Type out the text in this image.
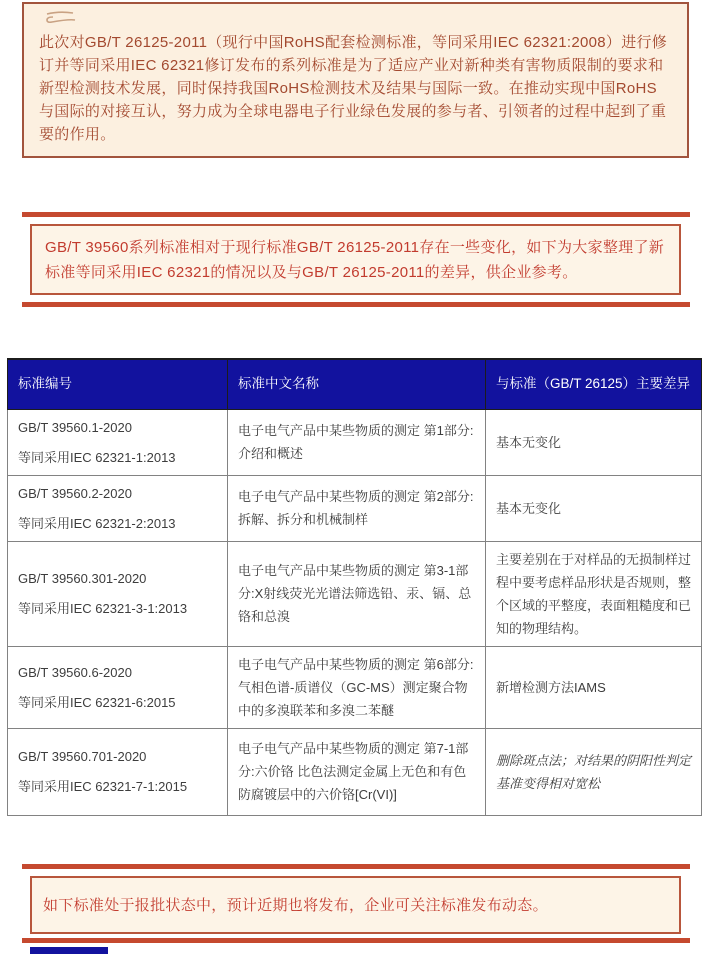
此次对GB/T 26125-2011（现行中国RoHS配套检测标准，等同采用IEC 62321:2008）进行修订并等同采用IEC 62321修订发布的系列标准是为了适应产业对新种类有害物质限制的要求和新型检测技术发展，同时保持我国RoHS检测技术及结果与国际一致。在推动实现中国RoHS与国际的对接互认，努力成为全球电器电子行业绿色发展的参与者、引领者的过程中起到了重要的作用。

GB/T 39560系列标准相对于现行标准GB/T 26125-2011存在一些变化，如下为大家整理了新标准等同采用IEC 62321的情况以及与GB/T 26125-2011的差异，供企业参考。

标准编号	标准中文名称	与标准（GB/T 26125）主要差异

GB/T 39560.1-2020
等同采用IEC 62321-1:2013	电子电气产品中某些物质的测定 第1部分:介绍和概述	基本无变化

GB/T 39560.2-2020
等同采用IEC 62321-2:2013	电子电气产品中某些物质的测定 第2部分:拆解、拆分和机械制样	基本无变化

GB/T 39560.301-2020
等同采用IEC 62321-3-1:2013	电子电气产品中某些物质的测定 第3-1部分:X射线荧光光谱法筛选铅、汞、镉、总铬和总溴	主要差别在于对样品的无损制样过程中要考虑样品形状是否规则，整个区域的平整度，表面粗糙度和已知的物理结构。

GB/T 39560.6-2020
等同采用IEC 62321-6:2015	电子电气产品中某些物质的测定 第6部分:气相色谱-质谱仪（GC-MS）测定聚合物中的多溴联苯和多溴二苯醚	新增检测方法IAMS

GB/T 39560.701-2020
等同采用IEC 62321-7-1:2015	电子电气产品中某些物质的测定 第7-1部分:六价铬 比色法测定金属上无色和有色防腐镀层中的六价铬[Cr(VI)]	删除斑点法；对结果的阴阳性判定基准变得相对宽松

如下标准处于报批状态中，预计近期也将发布，企业可关注标准发布动态。
